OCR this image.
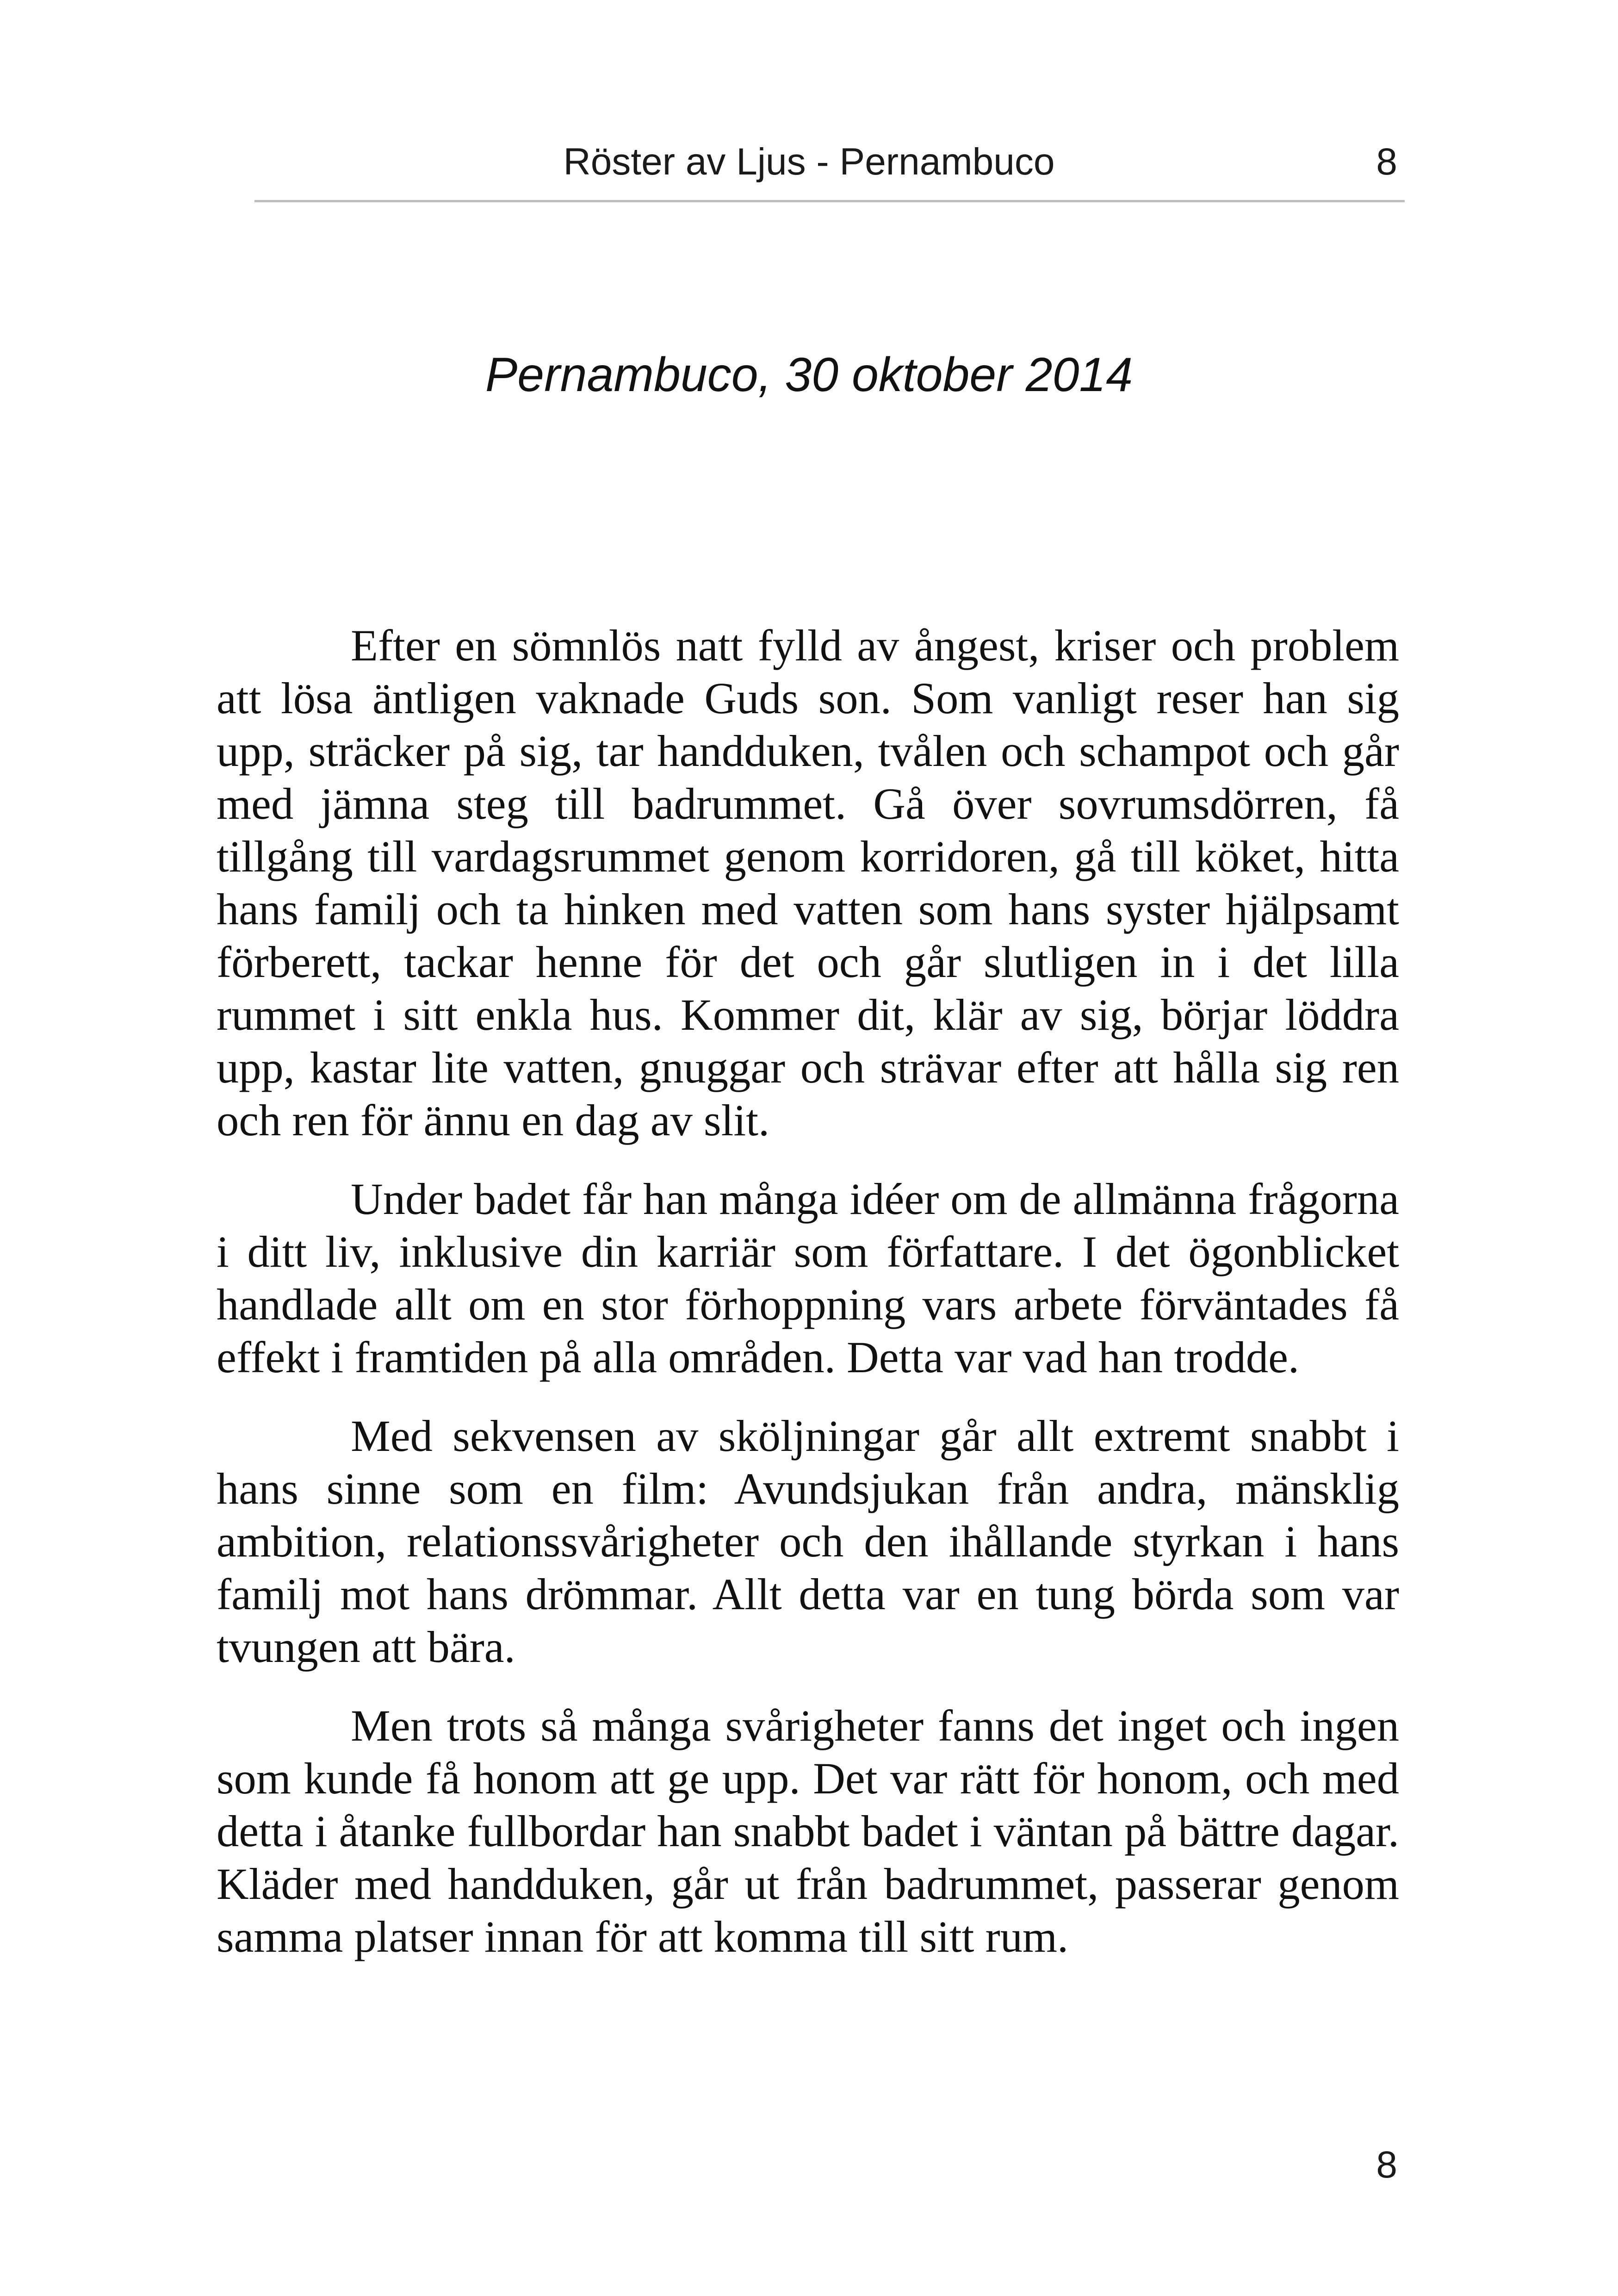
Röster av Ljus - Pernambuco	8
Pernambuco, 30 oktober 2014

Efter en sömnlös natt fylld av ångest, kriser och problem att lösa äntligen vaknade Guds son. Som vanligt reser han sig upp, sträcker på sig, tar handduken, tvålen och schampot och går med jämna steg till badrummet. Gå över sovrumsdörren, få tillgång till vardagsrummet genom korridoren, gå till köket, hitta hans familj och ta hinken med vatten som hans syster hjälpsamt förberett, tackar henne för det och går slutligen in i det lilla rummet i sitt enkla hus. Kommer dit, klär av sig, börjar löddra upp, kastar lite vatten, gnuggar och strävar efter att hålla sig ren och ren för ännu en dag av slit.

Under badet får han många idéer om de allmänna frågorna i ditt liv, inklusive din karriär som författare. I det ögonblicket handlade allt om en stor förhoppning vars arbete förväntades få effekt i framtiden på alla områden. Detta var vad han trodde.

Med sekvensen av sköljningar går allt extremt snabbt i hans sinne som en film: Avundsjukan från andra, mänsklig ambition, relationssvårigheter och den ihållande styrkan i hans familj mot hans drömmar. Allt detta var en tung börda som var tvungen att bära.

Men trots så många svårigheter fanns det inget och ingen som kunde få honom att ge upp. Det var rätt för honom, och med detta i åtanke fullbordar han snabbt badet i väntan på bättre dagar. Kläder med handduken, går ut från badrummet, passerar genom samma platser innan för att komma till sitt rum.

8
